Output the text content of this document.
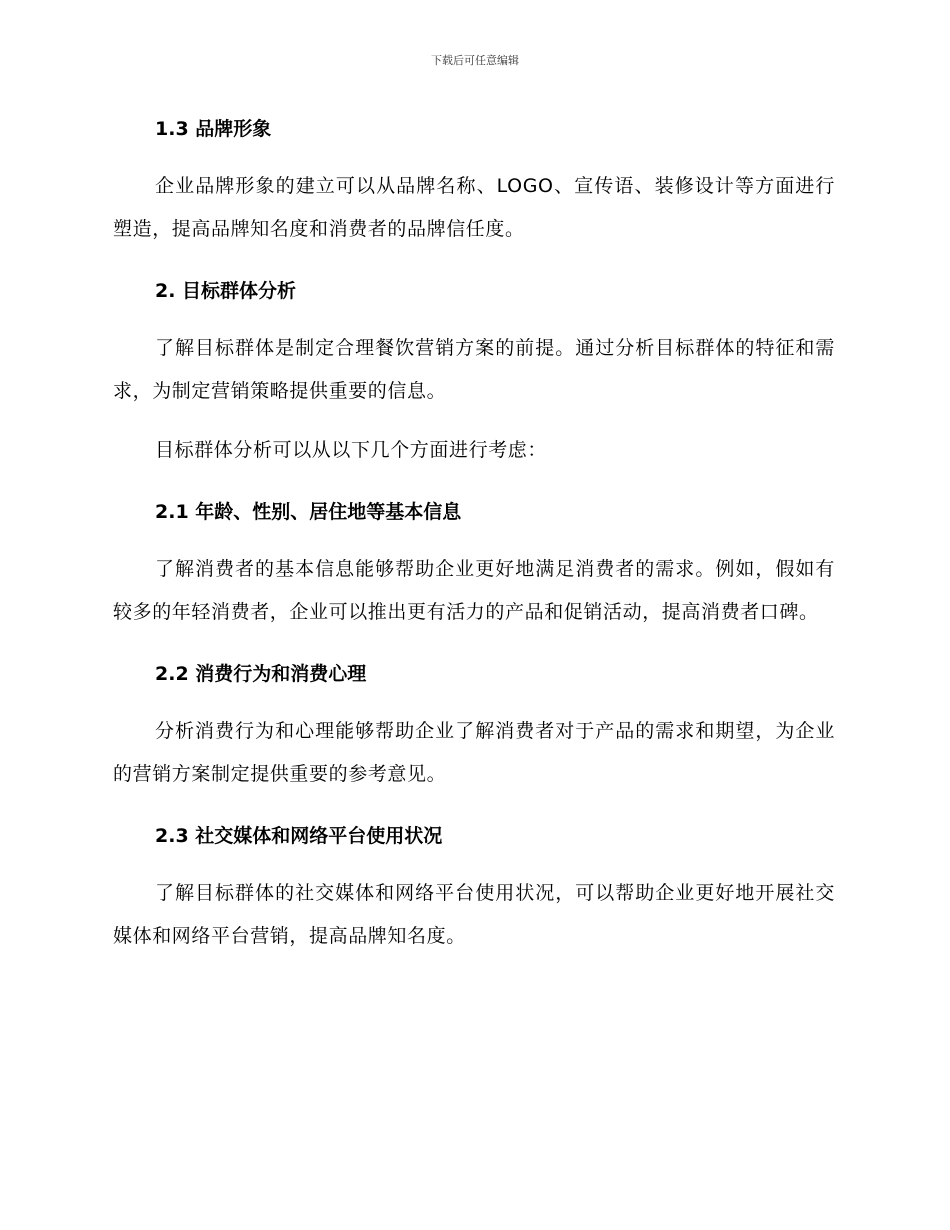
下载后可任意编辑
1.3 品牌形象

企业品牌形象的建立可以从品牌名称、LOGO、宣传语、装修设计等方面进行塑造，提高品牌知名度和消费者的品牌信任度。

2. 目标群体分析

了解目标群体是制定合理餐饮营销方案的前提。通过分析目标群体的特征和需求，为制定营销策略提供重要的信息。

目标群体分析可以从以下几个方面进行考虑：

2.1 年龄、性别、居住地等基本信息

了解消费者的基本信息能够帮助企业更好地满足消费者的需求。例如，假如有较多的年轻消费者，企业可以推出更有活力的产品和促销活动，提高消费者口碑。

2.2 消费行为和消费心理

分析消费行为和心理能够帮助企业了解消费者对于产品的需求和期望，为企业的营销方案制定提供重要的参考意见。

2.3 社交媒体和网络平台使用状况

了解目标群体的社交媒体和网络平台使用状况，可以帮助企业更好地开展社交媒体和网络平台营销，提高品牌知名度。
